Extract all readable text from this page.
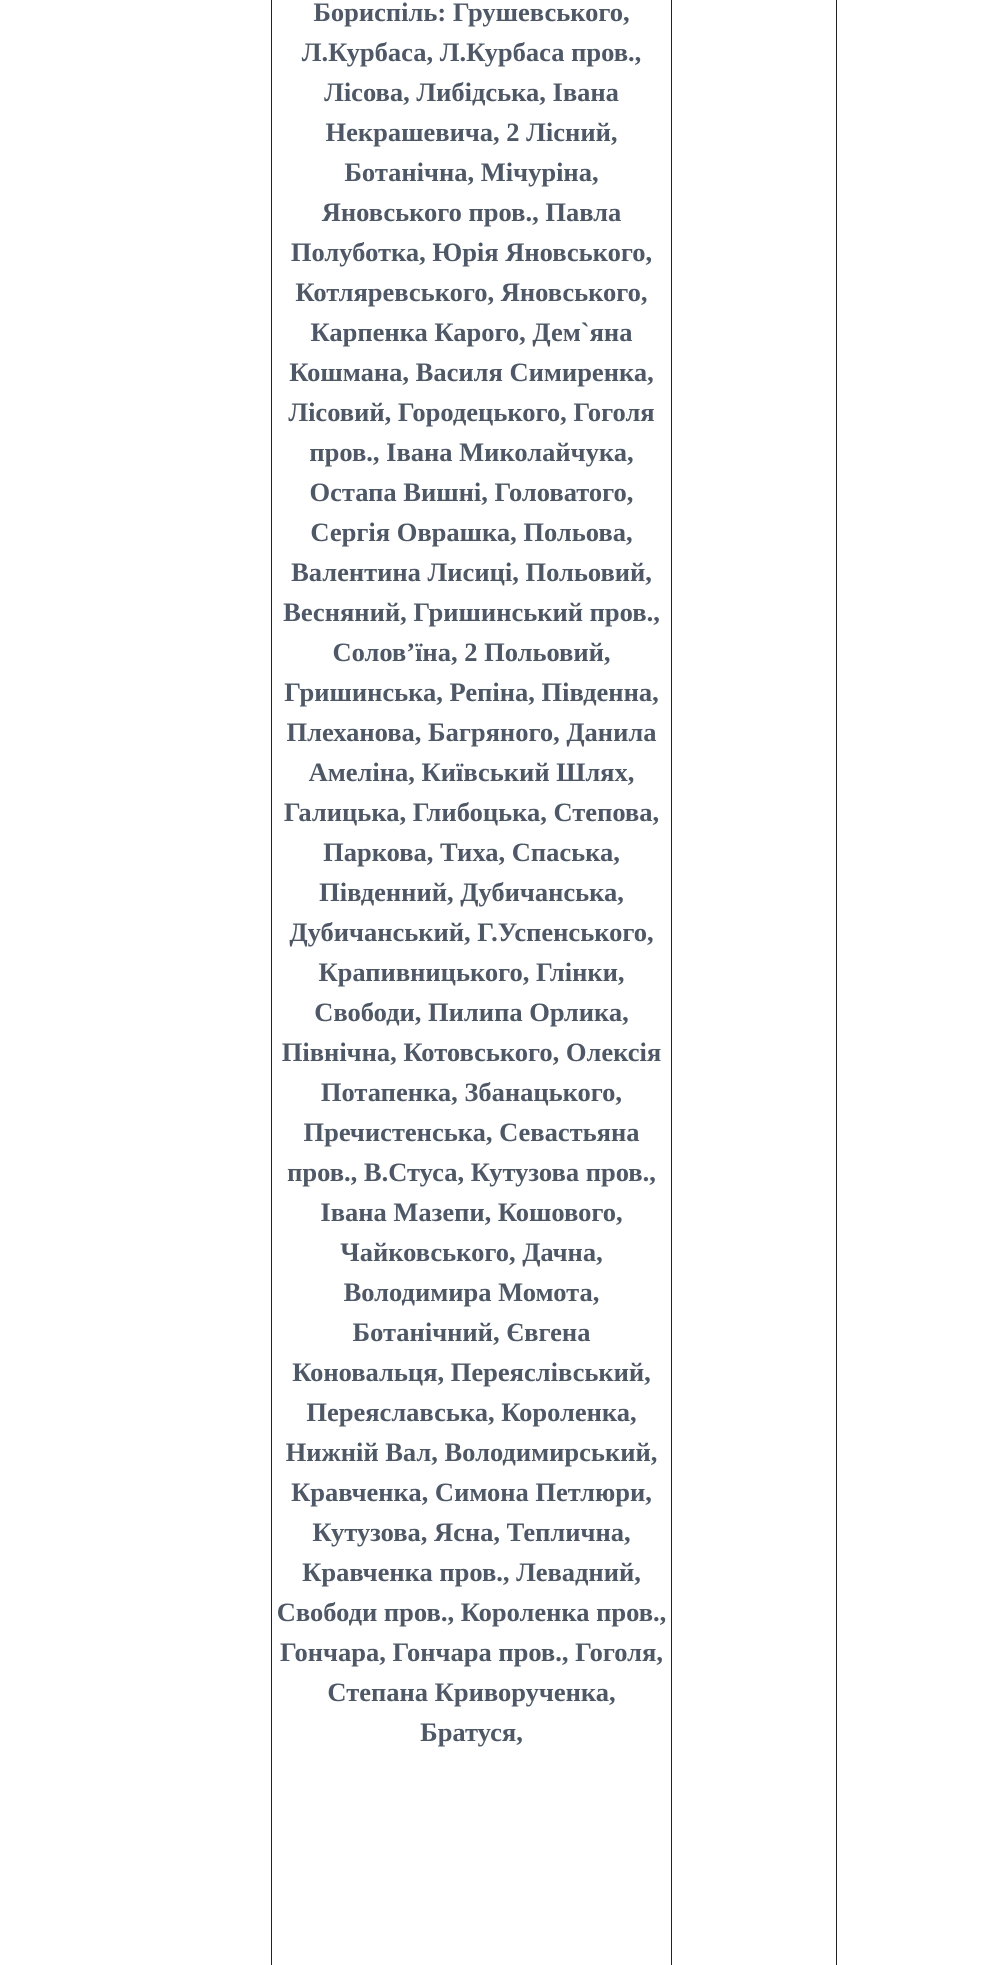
Бориспіль: Грушевського, Л.Курбаса, Л.Курбаса пров., Лісова, Либідська, Івана Некрашевича, 2 Лісний, Ботанічна, Мічуріна, Яновського пров., Павла Полуботка, Юрія Яновського, Котляревського, Яновського, Карпенка Карого, Дем`яна Кошмана, Василя Симиренка, Лісовий, Городецького, Гоголя пров., Івана Миколайчука, Остапа Вишні, Головатого, Сергія Оврашка, Польова, Валентина Лисиці, Польовий, Весняний, Гришинський пров., Солов’їна, 2 Польовий, Гришинська, Репіна, Південна, Плеханова, Багряного, Данила Амеліна, Київський Шлях, Галицька, Глибоцька, Степова, Паркова, Тиха, Спаська, Південний, Дубичанська, Дубичанський, Г.Успенського, Крапивницького, Глінки, Свободи, Пилипа Орлика, Північна, Котовського, Олексія Потапенка, Збанацького, Пречистенська, Севастьяна пров., В.Стуса, Кутузова пров., Івана Мазепи, Кошового, Чайковського, Дачна, Володимира Момота, Ботанічний, Євгена Коновальця, Переяслівський, Переяславська, Короленка, Нижній Вал, Володимирський, Кравченка, Симона Петлюри, Кутузова, Ясна, Теплична, Кравченка пров., Левадний, Свободи пров., Короленка пров., Гончара, Гончара пров., Гоголя, Степана Криворученка, Братуся,
